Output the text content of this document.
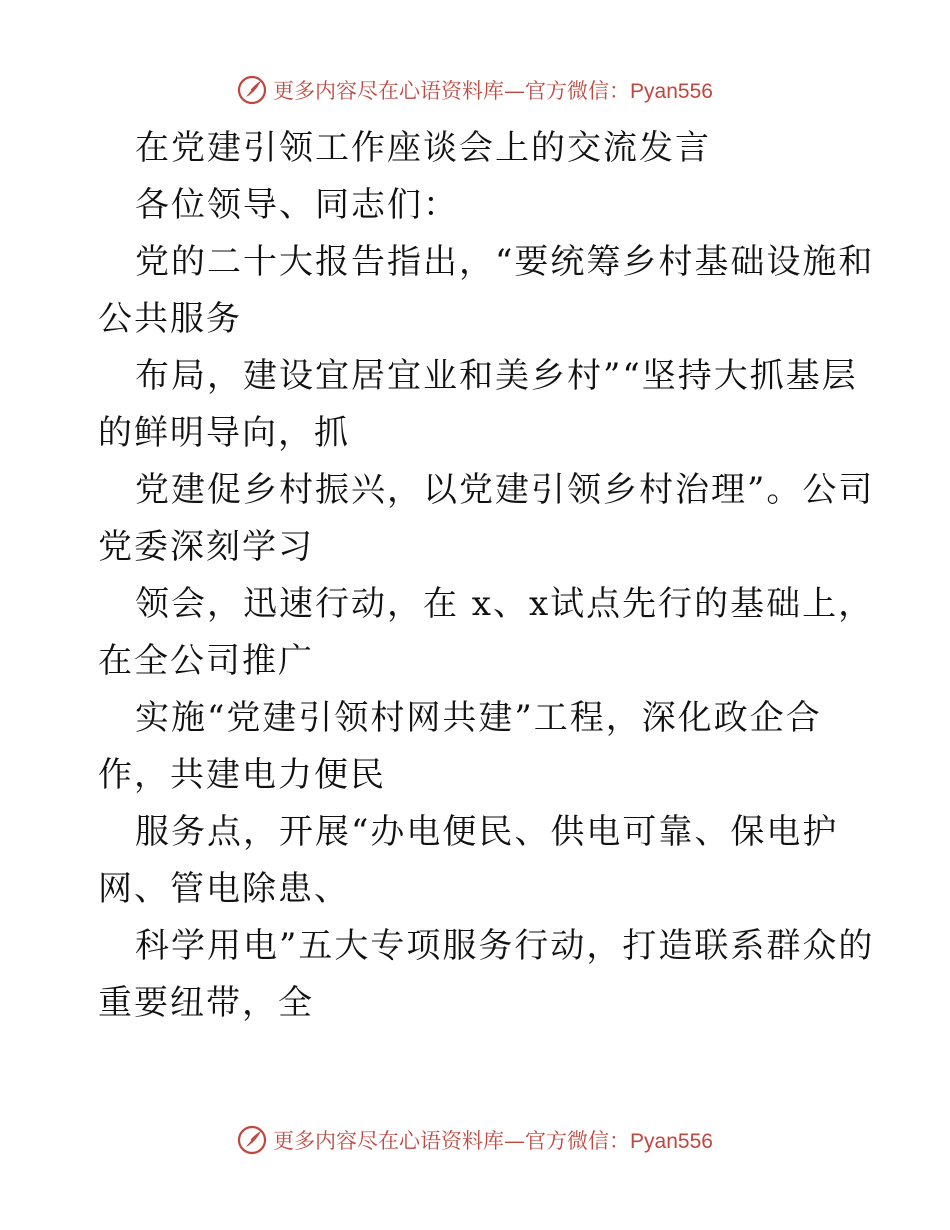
更多内容尽在心语资料库—官方微信：Pyan556
在党建引领工作座谈会上的交流发言
各位领导、同志们：
党的二十大报告指出，“要统筹乡村基础设施和
公共服务
布局，建设宜居宜业和美乡村”“坚持大抓基层
的鲜明导向，抓
党建促乡村振兴，以党建引领乡村治理”。公司
党委深刻学习
领会，迅速行动，在 x、x试点先行的基础上，
在全公司推广
实施“党建引领村网共建”工程，深化政企合
作，共建电力便民
服务点，开展“办电便民、供电可靠、保电护
网、管电除患、
科学用电”五大专项服务行动，打造联系群众的
重要纽带，全
更多内容尽在心语资料库—官方微信：Pyan556
